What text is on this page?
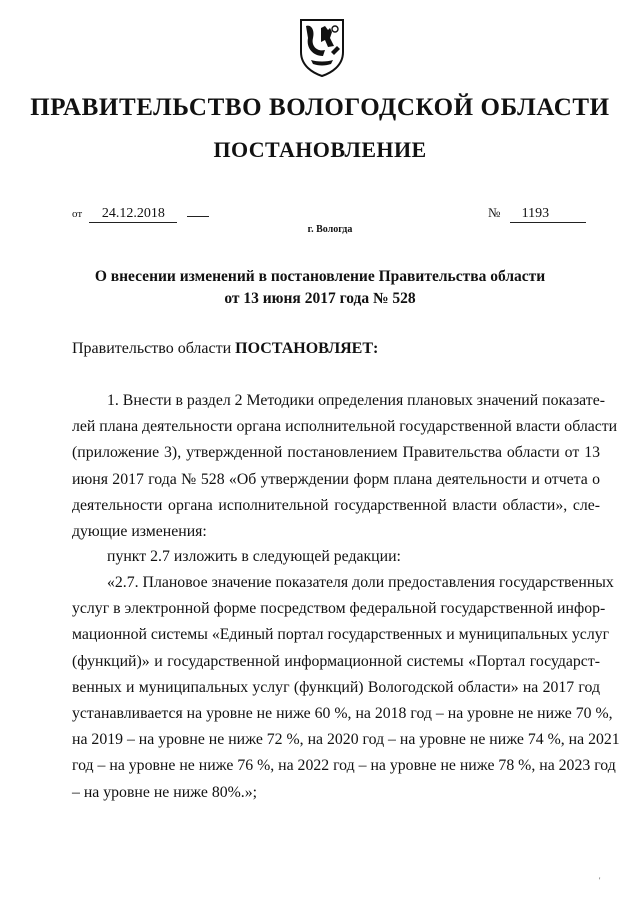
ПРАВИТЕЛЬСТВО ВОЛОГОДСКОЙ ОБЛАСТИ
ПОСТАНОВЛЕНИЕ
от 24.12.2018	№ 1193
г. Вологда
О внесении изменений в постановление Правительства области
от 13 июня 2017 года № 528
Правительство области ПОСТАНОВЛЯЕТ:
1. Внести в раздел 2 Методики определения плановых значений показате-
лей плана деятельности органа исполнительной государственной власти области
(приложение 3), утвержденной постановлением Правительства области от 13
июня 2017 года № 528 «Об утверждении форм плана деятельности и отчета о
деятельности органа исполнительной государственной власти области», сле-
дующие изменения:
пункт 2.7 изложить в следующей редакции:
«2.7. Плановое значение показателя доли предоставления государственных
услуг в электронной форме посредством федеральной государственной инфор-
мационной системы «Единый портал государственных и муниципальных услуг
(функций)» и государственной информационной системы «Портал государст-
венных и муниципальных услуг (функций) Вологодской области» на 2017 год
устанавливается на уровне не ниже 60 %, на 2018 год – на уровне не ниже 70 %,
на 2019 – на уровне не ниже 72 %, на 2020 год – на уровне не ниже 74 %, на 2021
год – на уровне не ниже 76 %, на 2022 год – на уровне не ниже 78 %, на 2023 год
– на уровне не ниже 80%.»;
'
